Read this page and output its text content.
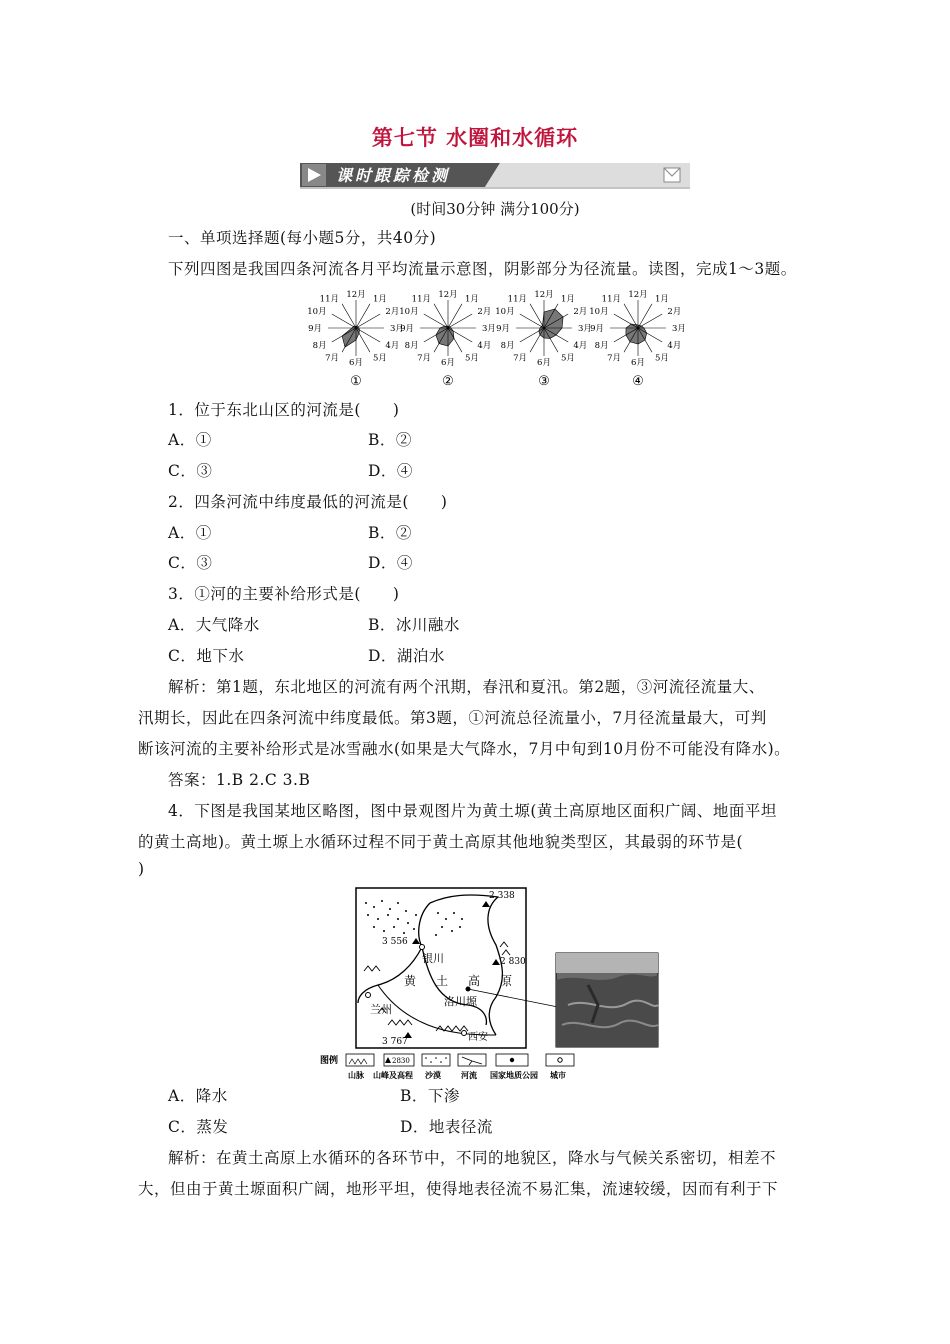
第七节 水圈和水循环
课时跟踪检测
(时间30分钟 满分100分)
一、单项选择题(每小题5分，共40分)
下列四图是我国四条河流各月平均流量示意图，阴影部分为径流量。读图，完成1～3题。
1月
2月
3月
4月
5月
6月
7月
8月
9月
10月
11月 12月
①
1月
2月
3月
4月
5月
6月
7月
8月
9月
10月
11月 12月
②
1月
2月
3月
4月
5月
6月
7月
8月
9月
10月
11月 12月
③
1月
2月
3月
4月
5月
6月
7月
8月
9月
10月
11月 12月
④
1．位于东北山区的河流是(　　)
A．①	B．②
C．③	D．④
2．四条河流中纬度最低的河流是(　　)
A．①	B．②
C．③	D．④
3．①河的主要补给形式是(　　)
A．大气降水	B．冰川融水
C．地下水	D．湖泊水
解析：第1题，东北地区的河流有两个汛期，春汛和夏汛。第2题，③河流径流量大、
汛期长，因此在四条河流中纬度最低。第3题，①河流总径流量小，7月径流量最大，可判
断该河流的主要补给形式是冰雪融水(如果是大气降水，7月中旬到10月份不可能没有降水)。
答案：1.B 2.C 3.B
4．下图是我国某地区略图，图中景观图片为黄土塬(黄土高原地区面积广阔、地面平坦
的黄土高地)。黄土塬上水循环过程不同于黄土高原其他地貌类型区，其最弱的环节是(
)
2 338
3 556
2 830
3 767
银川
兰州
洛川塬
西安
黄 土 高 原
图例	2830
山脉 山峰及高程 沙漠	河流 国家地质公园 城市
A．降水	B．下渗
C．蒸发	D．地表径流
解析：在黄土高原上水循环的各环节中，不同的地貌区，降水与气候关系密切，相差不
大，但由于黄土塬面积广阔，地形平坦，使得地表径流不易汇集，流速较缓，因而有利于下
